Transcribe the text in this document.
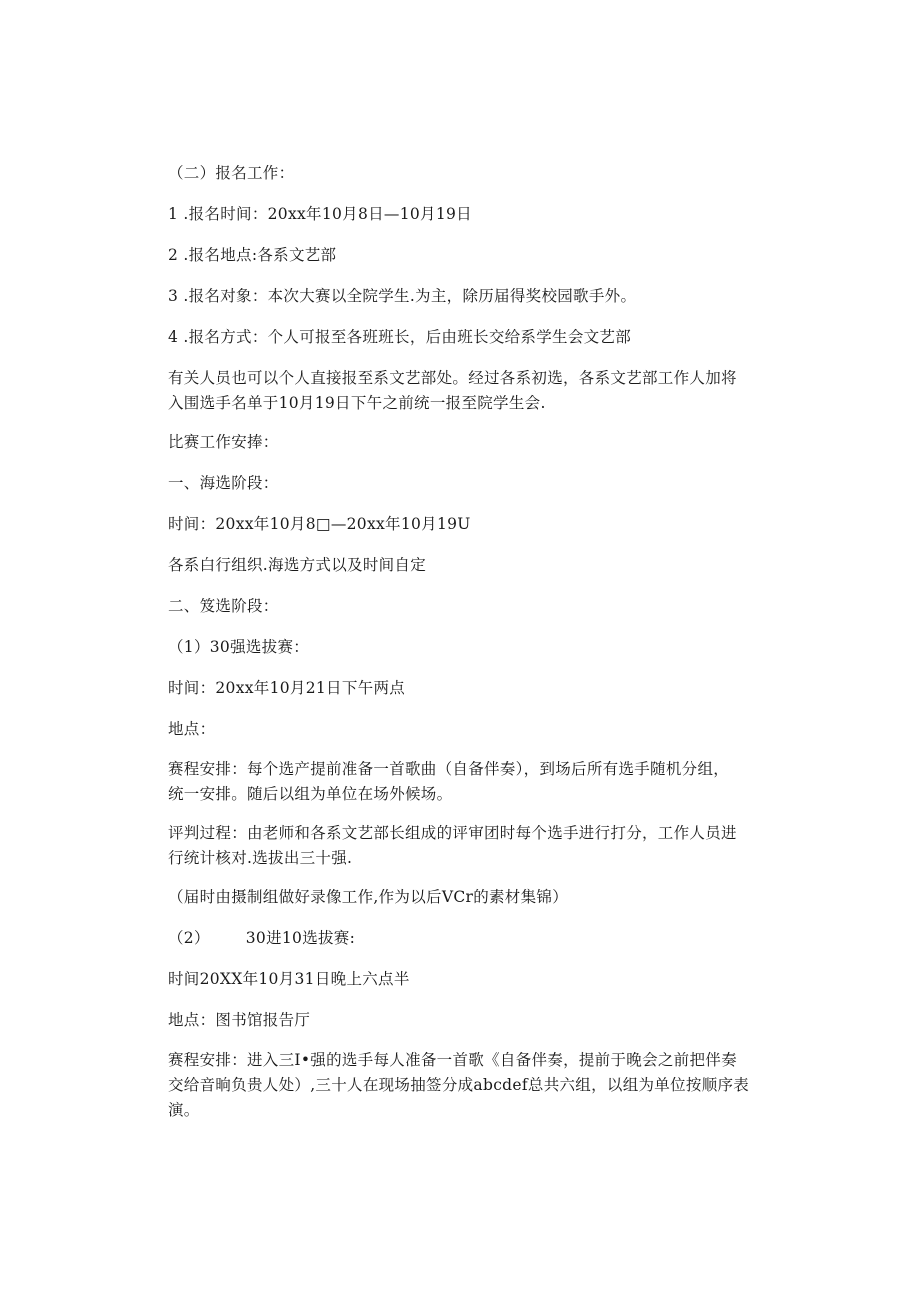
（二）报名工作：
1 .报名时间：20xx年10月8日—10月19日
2 .报名地点:各系文艺部
3 .报名对象：本次大赛以全院学生.为主，除历届得奖校园歌手外。
4 .报名方式：个人可报至各班班长，后由班长交给系学生会文艺部
有关人员也可以个人直接报至系文艺部处。经过各系初选，各系文艺部工作人加将
入围选手名单于10月19日下午之前统一报至院学生会.
比赛工作安捧：
一、海选阶段：
时间：20xx年10月8□—20xx年10月19U
各系白行组织.海选方式以及时间自定
二、笈选阶段：
（1）30强选拔赛：
时间：20xx年10月21日下午两点
地点：
赛程安排：每个选产提前准备一首歌曲（自备伴奏），到场后所有选手随机分组，
统一安排。随后以组为单位在场外候场。
评判过程：由老师和各系文艺部长组成的评审团时每个选手进行打分，工作人员进
行统计核对.选拔出三十强.
（届时由摄制组做好录像工作,作为以后VCr的素材集锦）
（2） 30进10选拔赛:
时间20XX年10月31日晚上六点半
地点：图书馆报告厅
赛程安排：进入三I•强的选手每人准备一首歌《自备伴奏，提前于晚会之前把伴奏
交给音晌负贵人处）,三十人在现场抽签分成abcdef总共六组，以组为单位按顺序表
演。
